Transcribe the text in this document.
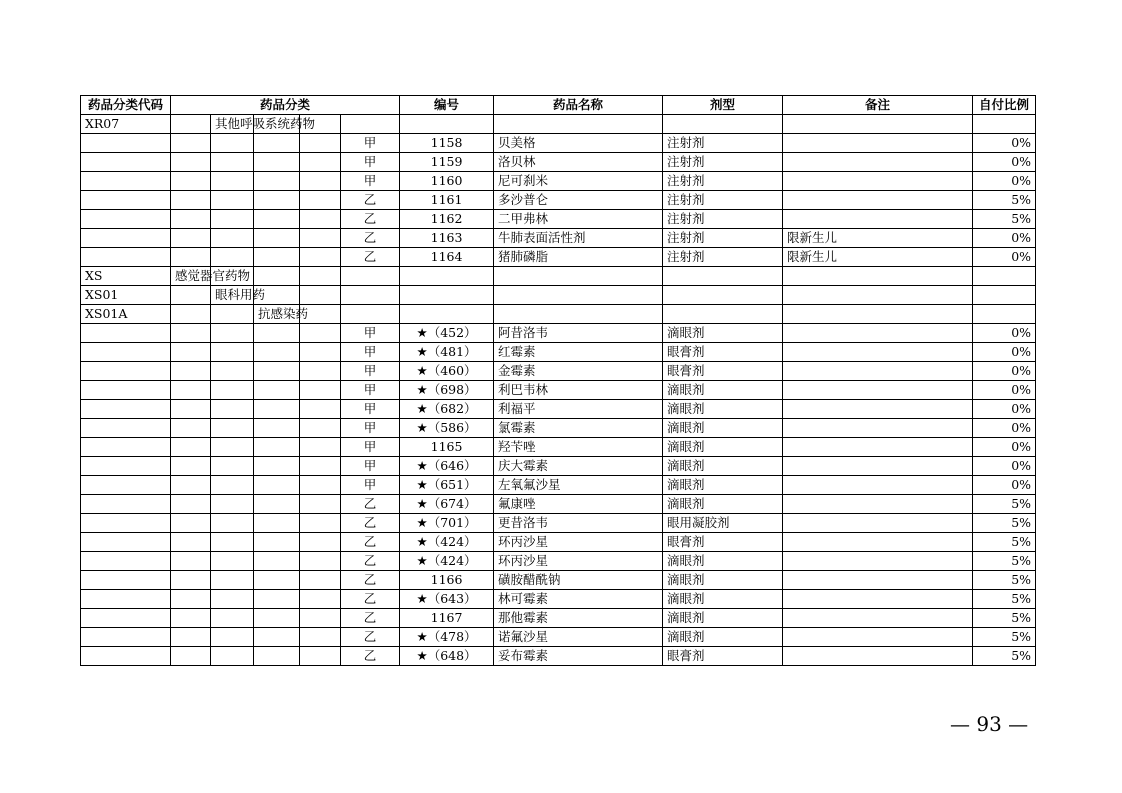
药品分类代码	药品分类					编号	药品名称	剂型	备注	自付比例
XR07		其他呼吸系统药物								
					甲	1158	贝美格	注射剂		0%
					甲	1159	洛贝林	注射剂		0%
					甲	1160	尼可刹米	注射剂		0%
					乙	1161	多沙普仑	注射剂		5%
					乙	1162	二甲弗林	注射剂		5%
					乙	1163	牛肺表面活性剂	注射剂	限新生儿	0%
					乙	1164	猪肺磷脂	注射剂	限新生儿	0%
XS	感觉器官药物									
XS01		眼科用药								
XS01A			抗感染药							
					甲	★（452）	阿昔洛韦	滴眼剂		0%
					甲	★（481）	红霉素	眼膏剂		0%
					甲	★（460）	金霉素	眼膏剂		0%
					甲	★（698）	利巴韦林	滴眼剂		0%
					甲	★（682）	利福平	滴眼剂		0%
					甲	★（586）	氯霉素	滴眼剂		0%
					甲	1165	羟苄唑	滴眼剂		0%
					甲	★（646）	庆大霉素	滴眼剂		0%
					甲	★（651）	左氧氟沙星	滴眼剂		0%
					乙	★（674）	氟康唑	滴眼剂		5%
					乙	★（701）	更昔洛韦	眼用凝胶剂		5%
					乙	★（424）	环丙沙星	眼膏剂		5%
					乙	★（424）	环丙沙星	滴眼剂		5%
					乙	1166	磺胺醋酰钠	滴眼剂		5%
					乙	★（643）	林可霉素	滴眼剂		5%
					乙	1167	那他霉素	滴眼剂		5%
					乙	★（478）	诺氟沙星	滴眼剂		5%
					乙	★（648）	妥布霉素	眼膏剂		5%
— 93 —
